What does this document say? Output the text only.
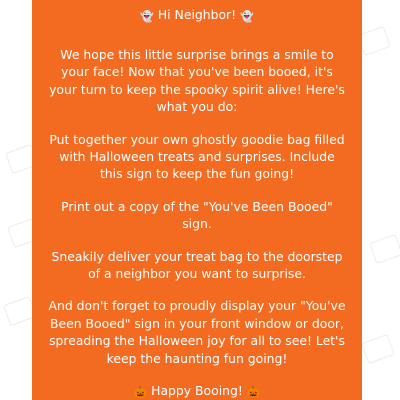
👻 Hi Neighbor! 👻

We hope this little surprise brings a smile to your face! Now that you've been booed, it's your turn to keep the spooky spirit alive! Here's what you do:

Put together your own ghostly goodie bag filled with Halloween treats and surprises. Include this sign to keep the fun going!

Print out a copy of the "You've Been Booed" sign.

Sneakily deliver your treat bag to the doorstep of a neighbor you want to surprise.

And don't forget to proudly display your "You've Been Booed" sign in your front window or door, spreading the Halloween joy for all to see! Let's keep the haunting fun going!

🎃 Happy Booing! 🎃
